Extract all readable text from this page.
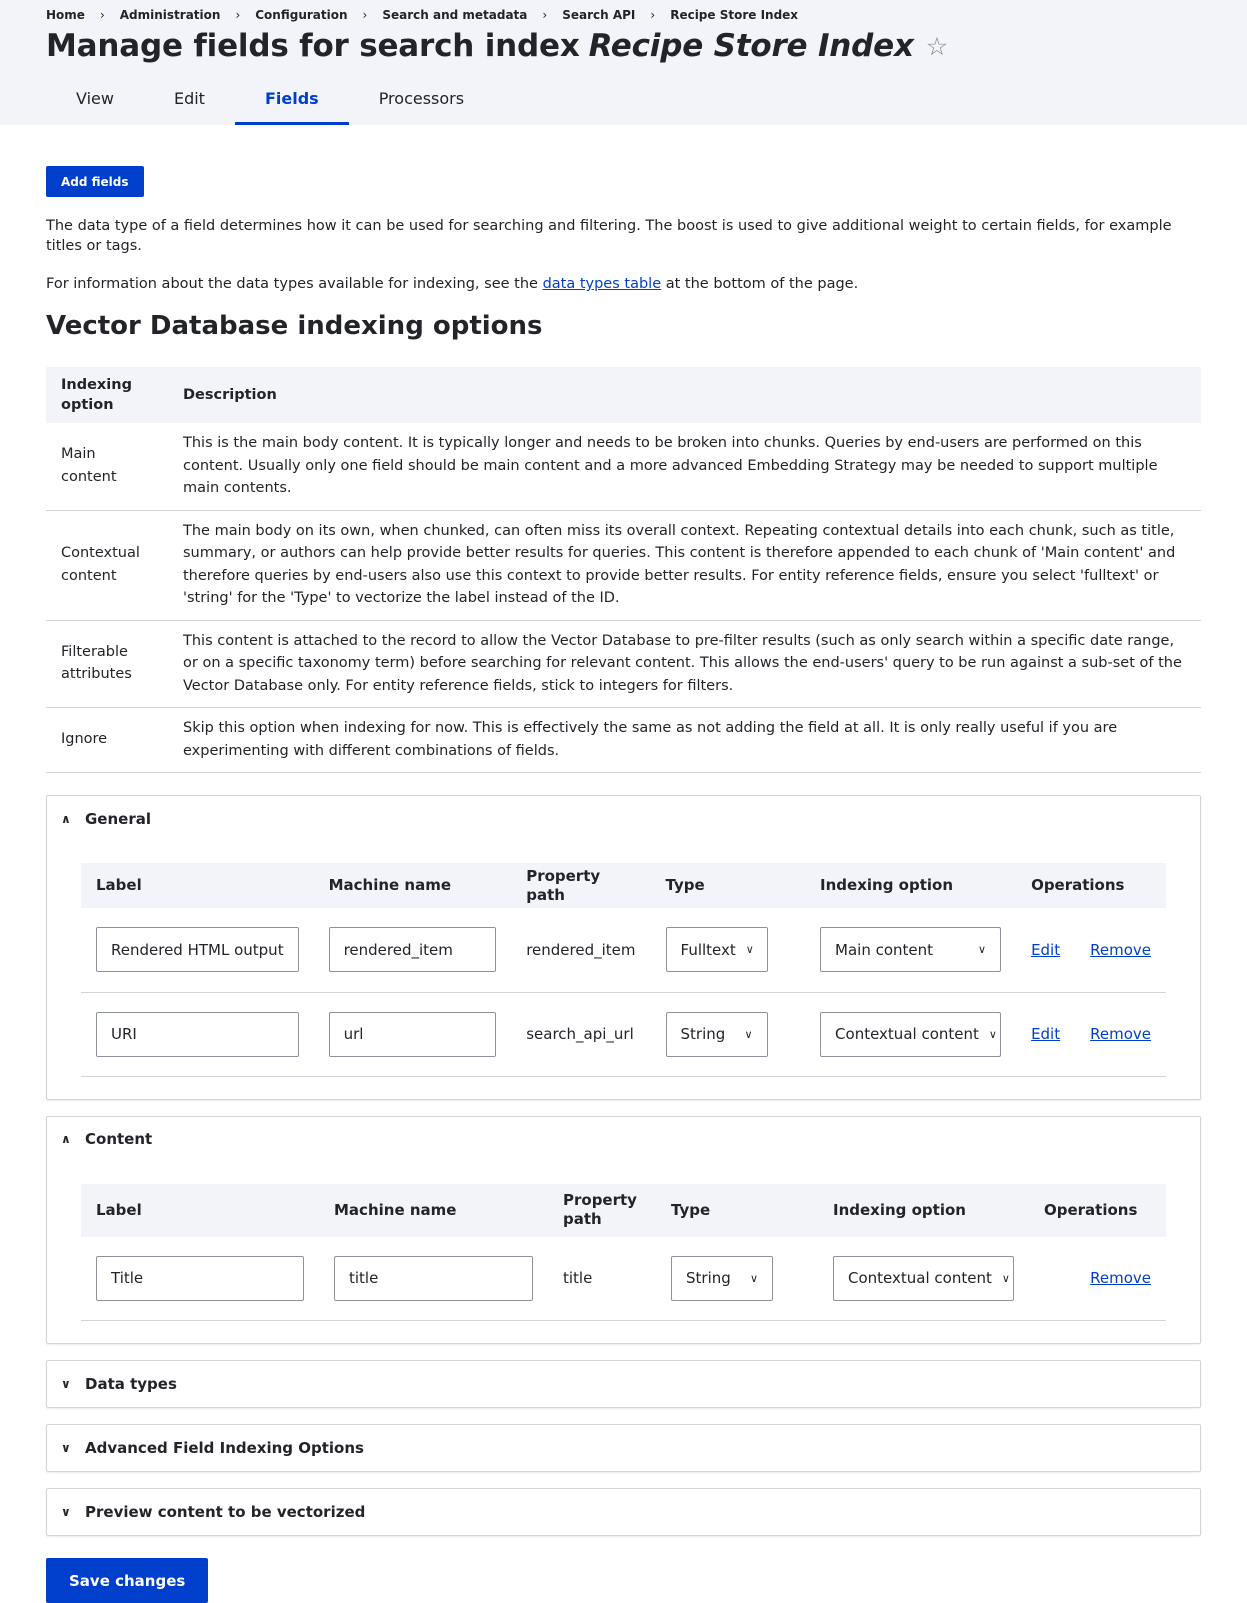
Home › Administration › Configuration › Search and metadata › Search API › Recipe Store Index
Manage fields for search index Recipe Store Index ☆
View	Edit	Fields	Processors
Add fields

The data type of a field determines how it can be used for searching and filtering. The boost is used to give additional weight to certain fields, for example titles or tags.

For information about the data types available for indexing, see the data types table at the bottom of the page.

Vector Database indexing options
Indexing option	Description
Main content	This is the main body content. It is typically longer and needs to be broken into chunks. Queries by end-users are performed on this content. Usually only one field should be main content and a more advanced Embedding Strategy may be needed to support multiple main contents.
Contextual content	The main body on its own, when chunked, can often miss its overall context. Repeating contextual details into each chunk, such as title, summary, or authors can help provide better results for queries. This content is therefore appended to each chunk of 'Main content' and therefore queries by end-users also use this context to provide better results. For entity reference fields, ensure you select 'fulltext' or 'string' for the 'Type' to vectorize the label instead of the ID.
Filterable attributes	This content is attached to the record to allow the Vector Database to pre-filter results (such as only search within a specific date range, or on a specific taxonomy term) before searching for relevant content. This allows the end-users' query to be run against a sub-set of the Vector Database only. For entity reference fields, stick to integers for filters.
Ignore	Skip this option when indexing for now. This is effectively the same as not adding the field at all. It is only really useful if you are experimenting with different combinations of fields.
∧ General
Label	Machine name	Property path	Type	Indexing option	Operations

Rendered HTML output	rendered_item	rendered_item	Fulltext ∨	Main content ∨	Edit Remove

URI	url	search_api_url	String ∨	Contextual content ∨	Edit Remove
∧ Content
Label	Machine name	Property path	Type	Indexing option	Operations

Title	title	title	String ∨	Contextual content ∨	Remove
∨ Data types
∨ Advanced Field Indexing Options
∨ Preview content to be vectorized
Save changes
